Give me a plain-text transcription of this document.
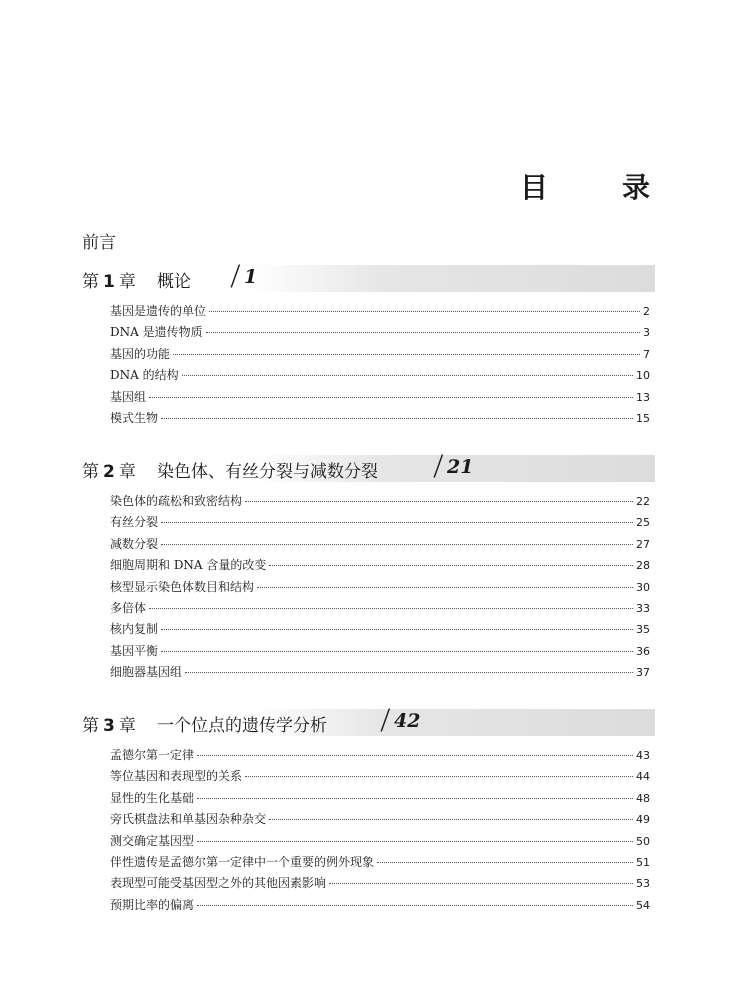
目	录
前言
第 1 章 概论 / 1
基因是遗传的单位	2
DNA 是遗传物质	3
基因的功能	7
DNA 的结构	10
基因组	13
模式生物	15
第 2 章 染色体、有丝分裂与减数分裂 / 21
染色体的疏松和致密结构	22
有丝分裂	25
减数分裂	27
细胞周期和 DNA 含量的改变	28
核型显示染色体数目和结构	30
多倍体	33
核内复制	35
基因平衡	36
细胞器基因组	37
第 3 章 一个位点的遗传学分析 / 42
孟德尔第一定律	43
等位基因和表现型的关系	44
显性的生化基础	48
旁氏棋盘法和单基因杂种杂交	49
测交确定基因型	50
伴性遗传是孟德尔第一定律中一个重要的例外现象	51
表现型可能受基因型之外的其他因素影响	53
预期比率的偏离	54
